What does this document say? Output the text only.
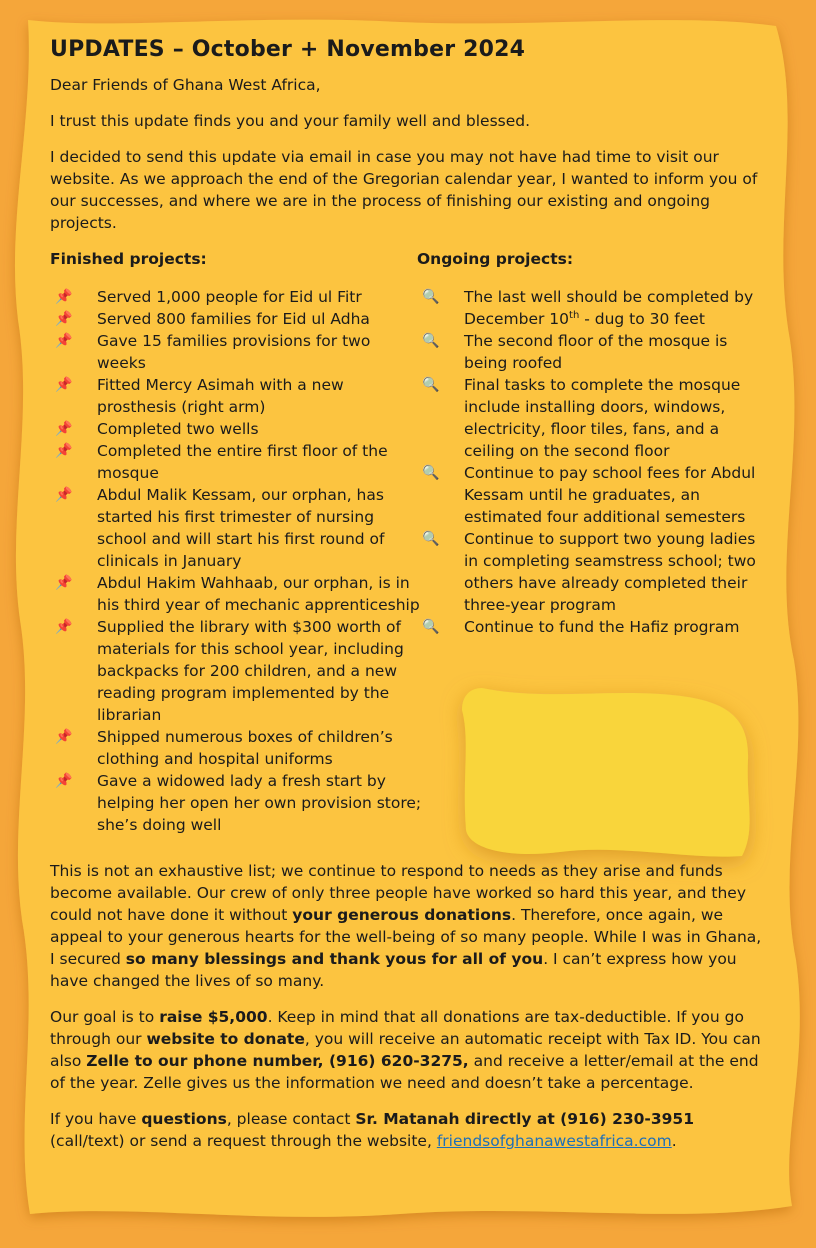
UPDATES – October + November 2024

Dear Friends of Ghana West Africa,

I trust this update finds you and your family well and blessed.

I decided to send this update via email in case you may not have had time to visit our website. As we approach the end of the Gregorian calendar year, I wanted to inform you of our successes, and where we are in the process of finishing our existing and ongoing projects.

Finished projects:
📌 Served 1,000 people for Eid ul Fitr
📌 Served 800 families for Eid ul Adha
📌 Gave 15 families provisions for two weeks
📌 Fitted Mercy Asimah with a new prosthesis (right arm)
📌 Completed two wells
📌 Completed the entire first floor of the mosque
📌 Abdul Malik Kessam, our orphan, has started his first trimester of nursing school and will start his first round of clinicals in January
📌 Abdul Hakim Wahhaab, our orphan, is in his third year of mechanic apprenticeship
📌 Supplied the library with $300 worth of materials for this school year, including backpacks for 200 children, and a new reading program implemented by the librarian
📌 Shipped numerous boxes of children’s clothing and hospital uniforms
📌 Gave a widowed lady a fresh start by helping her open her own provision store; she’s doing well
Ongoing projects:
🔍 The last well should be completed by December 10th - dug to 30 feet
🔍 The second floor of the mosque is being roofed
🔍 Final tasks to complete the mosque include installing doors, windows, electricity, floor tiles, fans, and a ceiling on the second floor
🔍 Continue to pay school fees for Abdul Kessam until he graduates, an estimated four additional semesters
🔍 Continue to support two young ladies in completing seamstress school; two others have already completed their three-year program
🔍 Continue to fund the Hafiz program

This is not an exhaustive list; we continue to respond to needs as they arise and funds become available. Our crew of only three people have worked so hard this year, and they could not have done it without your generous donations. Therefore, once again, we appeal to your generous hearts for the well-being of so many people. While I was in Ghana, I secured so many blessings and thank yous for all of you. I can’t express how you have changed the lives of so many.

Our goal is to raise $5,000. Keep in mind that all donations are tax-deductible. If you go through our website to donate, you will receive an automatic receipt with Tax ID. You can also Zelle to our phone number, (916) 620-3275, and receive a letter/email at the end of the year. Zelle gives us the information we need and doesn’t take a percentage.

If you have questions, please contact Sr. Matanah directly at (916) 230-3951 (call/text) or send a request through the website, friendsofghanawestafrica.com.
